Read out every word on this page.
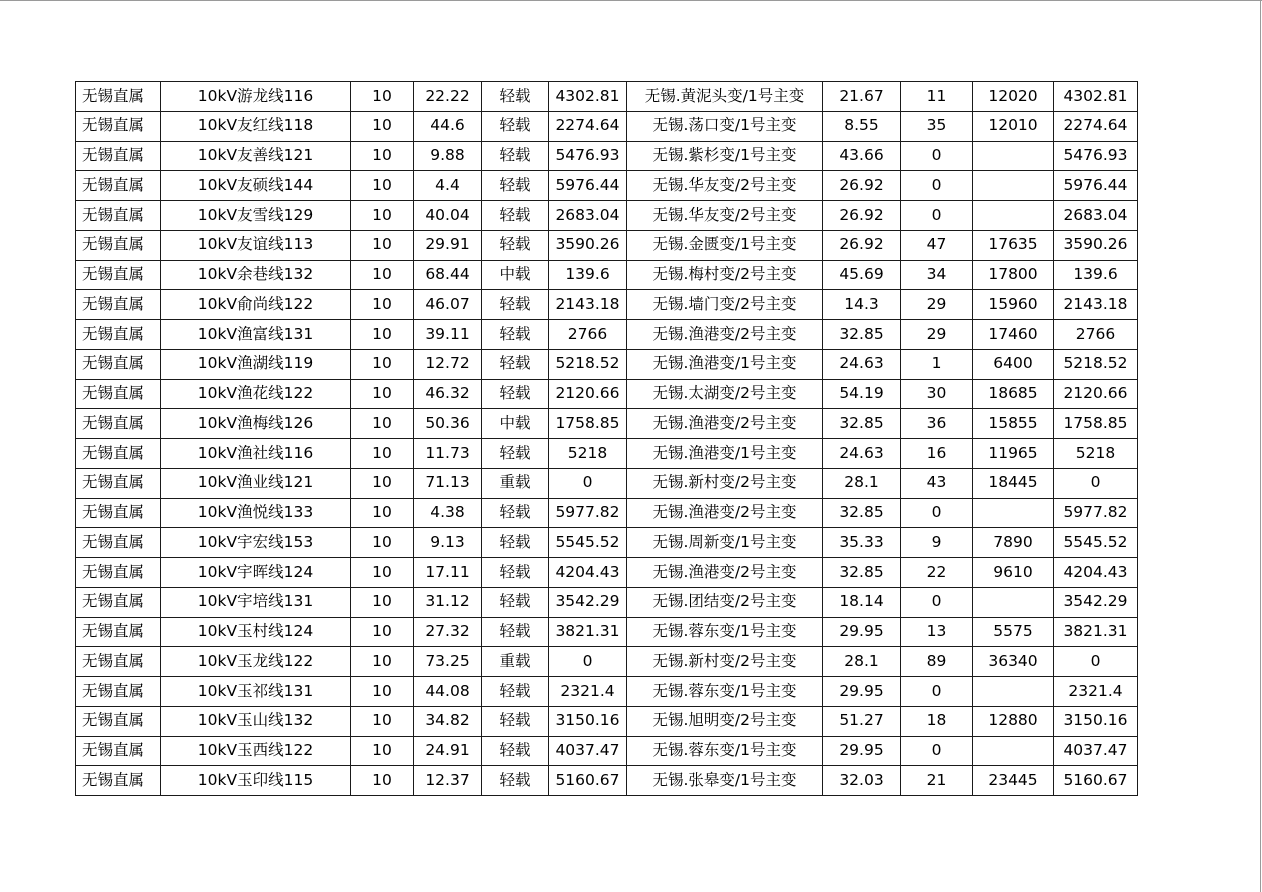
无锡直属	10kV游龙线116	10	22.22	轻载	4302.81	无锡.黄泥头变/1号主变	21.67	11	12020	4302.81
无锡直属	10kV友红线118	10	44.6	轻载	2274.64	无锡.荡口变/1号主变	8.55	35	12010	2274.64
无锡直属	10kV友善线121	10	9.88	轻载	5476.93	无锡.紫杉变/1号主变	43.66	0		5476.93
无锡直属	10kV友硕线144	10	4.4	轻载	5976.44	无锡.华友变/2号主变	26.92	0		5976.44
无锡直属	10kV友雪线129	10	40.04	轻载	2683.04	无锡.华友变/2号主变	26.92	0		2683.04
无锡直属	10kV友谊线113	10	29.91	轻载	3590.26	无锡.金匮变/1号主变	26.92	47	17635	3590.26
无锡直属	10kV余巷线132	10	68.44	中载	139.6	无锡.梅村变/2号主变	45.69	34	17800	139.6
无锡直属	10kV俞尚线122	10	46.07	轻载	2143.18	无锡.墙门变/2号主变	14.3	29	15960	2143.18
无锡直属	10kV渔富线131	10	39.11	轻载	2766	无锡.渔港变/2号主变	32.85	29	17460	2766
无锡直属	10kV渔湖线119	10	12.72	轻载	5218.52	无锡.渔港变/1号主变	24.63	1	6400	5218.52
无锡直属	10kV渔花线122	10	46.32	轻载	2120.66	无锡.太湖变/2号主变	54.19	30	18685	2120.66
无锡直属	10kV渔梅线126	10	50.36	中载	1758.85	无锡.渔港变/2号主变	32.85	36	15855	1758.85
无锡直属	10kV渔社线116	10	11.73	轻载	5218	无锡.渔港变/1号主变	24.63	16	11965	5218
无锡直属	10kV渔业线121	10	71.13	重载	0	无锡.新村变/2号主变	28.1	43	18445	0
无锡直属	10kV渔悦线133	10	4.38	轻载	5977.82	无锡.渔港变/2号主变	32.85	0		5977.82
无锡直属	10kV宇宏线153	10	9.13	轻载	5545.52	无锡.周新变/1号主变	35.33	9	7890	5545.52
无锡直属	10kV宇晖线124	10	17.11	轻载	4204.43	无锡.渔港变/2号主变	32.85	22	9610	4204.43
无锡直属	10kV宇培线131	10	31.12	轻载	3542.29	无锡.团结变/2号主变	18.14	0		3542.29
无锡直属	10kV玉村线124	10	27.32	轻载	3821.31	无锡.蓉东变/1号主变	29.95	13	5575	3821.31
无锡直属	10kV玉龙线122	10	73.25	重载	0	无锡.新村变/2号主变	28.1	89	36340	0
无锡直属	10kV玉祁线131	10	44.08	轻载	2321.4	无锡.蓉东变/1号主变	29.95	0		2321.4
无锡直属	10kV玉山线132	10	34.82	轻载	3150.16	无锡.旭明变/2号主变	51.27	18	12880	3150.16
无锡直属	10kV玉西线122	10	24.91	轻载	4037.47	无锡.蓉东变/1号主变	29.95	0		4037.47
无锡直属	10kV玉印线115	10	12.37	轻载	5160.67	无锡.张皋变/1号主变	32.03	21	23445	5160.67
